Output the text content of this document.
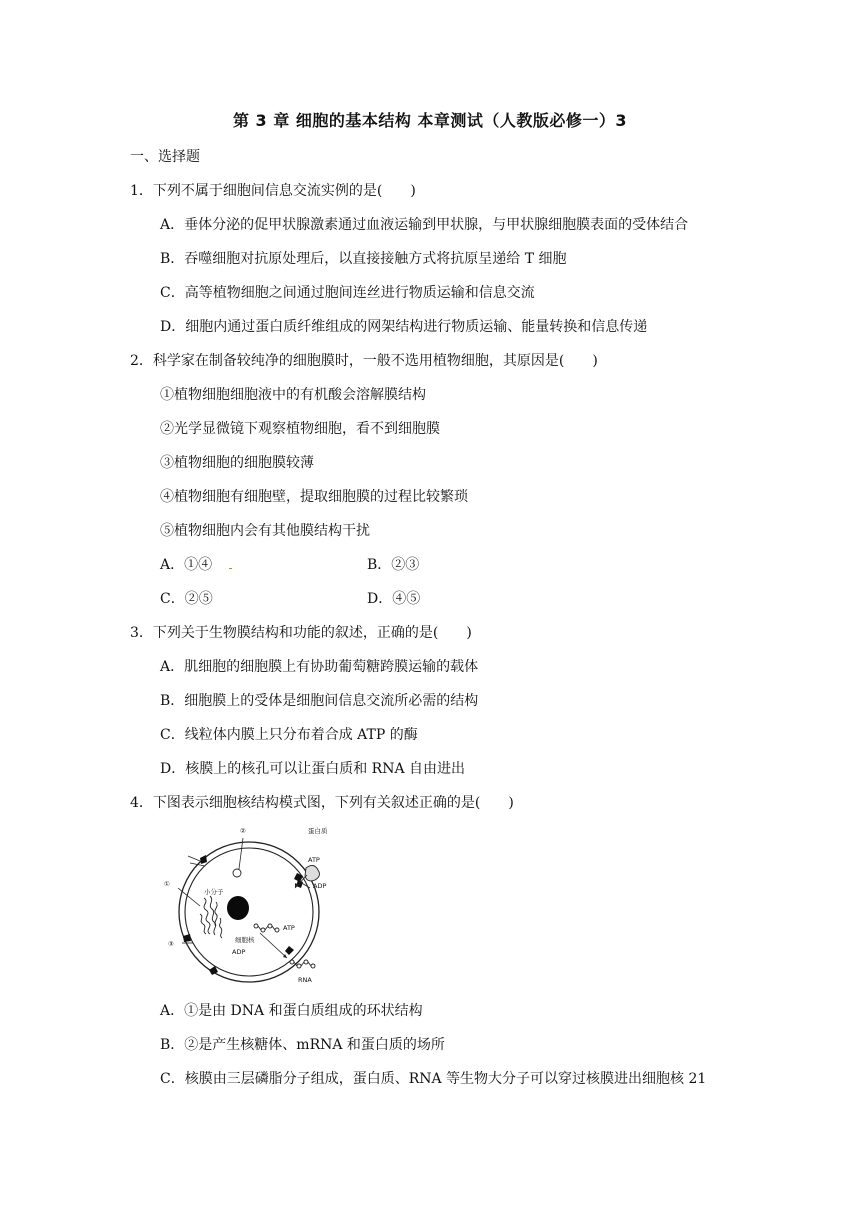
第 3 章 细胞的基本结构 本章测试（人教版必修一）3
一、选择题
1．下列不属于细胞间信息交流实例的是(　　)
A．垂体分泌的促甲状腺激素通过血液运输到甲状腺，与甲状腺细胞膜表面的受体结合
B．吞噬细胞对抗原处理后，以直接接触方式将抗原呈递给 T 细胞
C．高等植物细胞之间通过胞间连丝进行物质运输和信息交流
D．细胞内通过蛋白质纤维组成的网架结构进行物质运输、能量转换和信息传递
2．科学家在制备较纯净的细胞膜时，一般不选用植物细胞，其原因是(　　)
①植物细胞细胞液中的有机酸会溶解膜结构
②光学显微镜下观察植物细胞，看不到细胞膜
③植物细胞的细胞膜较薄
④植物细胞有细胞壁，提取细胞膜的过程比较繁琐
⑤植物细胞内会有其他膜结构干扰
A．①④	B．②③
C．②⑤	D．④⑤
3．下列关于生物膜结构和功能的叙述，正确的是(　　)
A．肌细胞的细胞膜上有协助葡萄糖跨膜运输的载体
B．细胞膜上的受体是细胞间信息交流所必需的结构
C．线粒体内膜上只分布着合成 ATP 的酶
D．核膜上的核孔可以让蛋白质和 RNA 自由进出
4．下图表示细胞核结构模式图，下列有关叙述正确的是(　　)
②
①
③
蛋白质
ATP
ADP
小分子
细胞核
ATP
ADP
RNA
A．①是由 DNA 和蛋白质组成的环状结构
B．②是产生核糖体、mRNA 和蛋白质的场所
C．核膜由三层磷脂分子组成，蛋白质、RNA 等生物大分子可以穿过核膜进出细胞核 21
